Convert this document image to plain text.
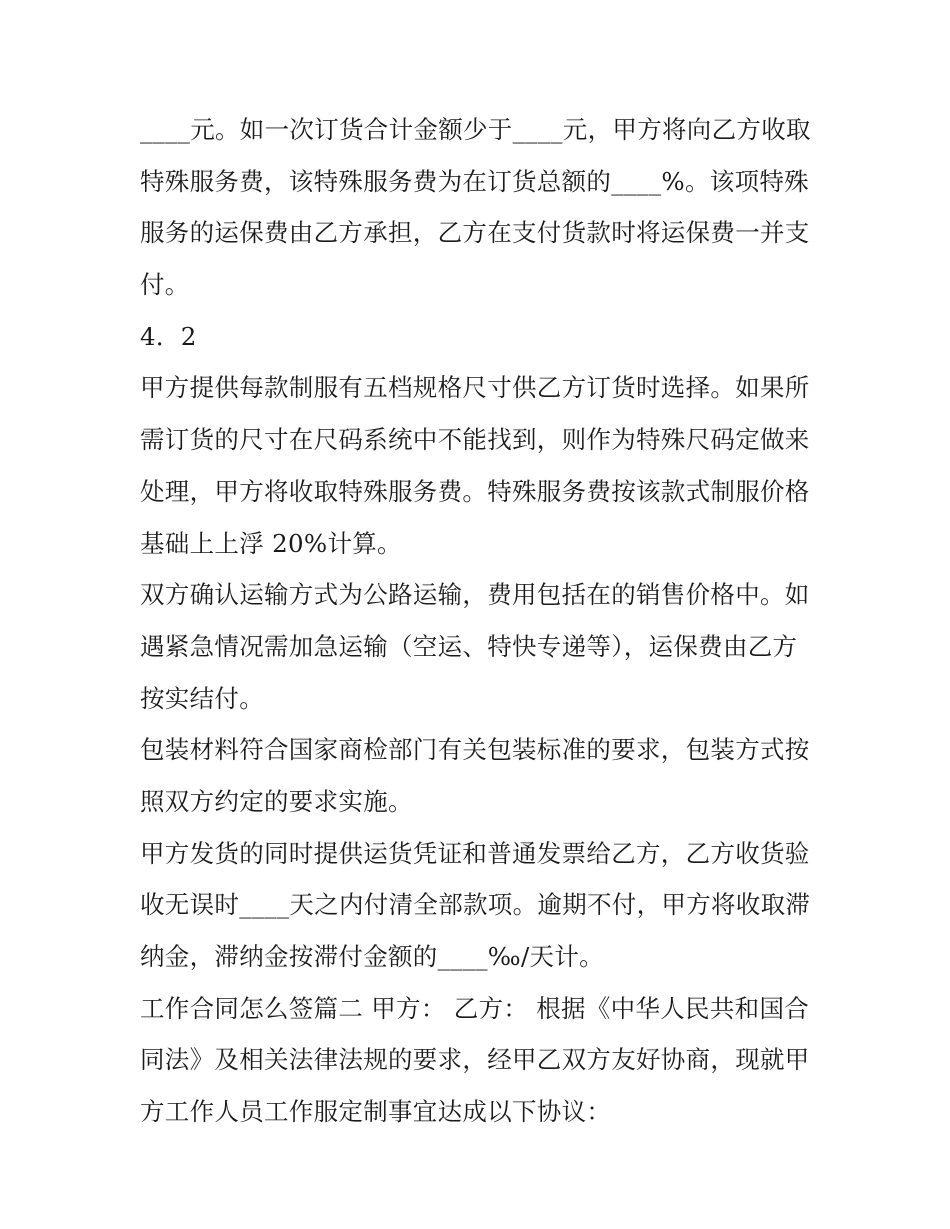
____元。如一次订货合计金额少于____元，甲方将向乙方收取
特殊服务费，该特殊服务费为在订货总额的____%。该项特殊
服务的运保费由乙方承担，乙方在支付货款时将运保费一并支
付。
4．2
甲方提供每款制服有五档规格尺寸供乙方订货时选择。如果所
需订货的尺寸在尺码系统中不能找到，则作为特殊尺码定做来
处理，甲方将收取特殊服务费。特殊服务费按该款式制服价格
基础上上浮 20%计算。
双方确认运输方式为公路运输，费用包括在的销售价格中。如
遇紧急情况需加急运输（空运、特快专递等），运保费由乙方
按实结付。
包装材料符合国家商检部门有关包装标准的要求，包装方式按
照双方约定的要求实施。
甲方发货的同时提供运货凭证和普通发票给乙方，乙方收货验
收无误时____天之内付清全部款项。逾期不付，甲方将收取滞
纳金，滞纳金按滞付金额的____‰/天计。
工作合同怎么签篇二 甲方： 乙方： 根据《中华人民共和国合
同法》及相关法律法规的要求，经甲乙双方友好协商，现就甲
方工作人员工作服定制事宜达成以下协议：
